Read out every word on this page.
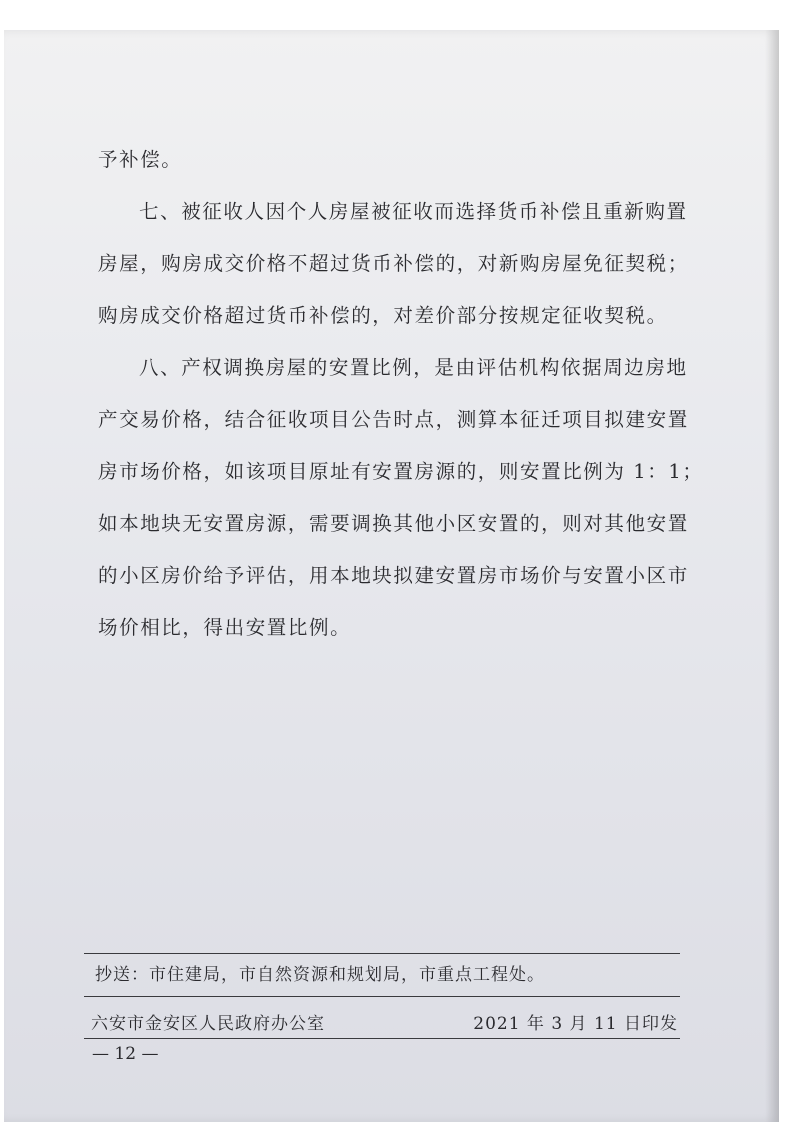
予补偿。
七、被征收人因个人房屋被征收而选择货币补偿且重新购置
房屋，购房成交价格不超过货币补偿的，对新购房屋免征契税；
购房成交价格超过货币补偿的，对差价部分按规定征收契税。
八、产权调换房屋的安置比例，是由评估机构依据周边房地
产交易价格，结合征收项目公告时点，测算本征迁项目拟建安置
房市场价格，如该项目原址有安置房源的，则安置比例为 1：1；
如本地块无安置房源，需要调换其他小区安置的，则对其他安置
的小区房价给予评估，用本地块拟建安置房市场价与安置小区市
场价相比，得出安置比例。
抄送：市住建局，市自然资源和规划局，市重点工程处。
六安市金安区人民政府办公室	2021 年 3 月 11 日印发
— 12 —
